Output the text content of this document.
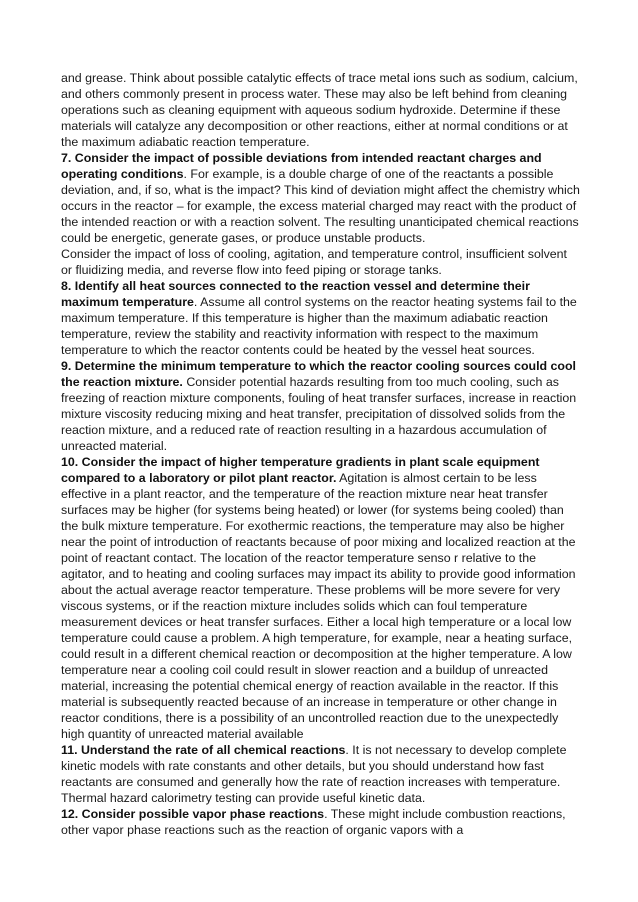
and grease. Think about possible catalytic effects of trace metal ions such as sodium, calcium, and others commonly present in process water. These may also be left behind from cleaning operations such as cleaning equipment with aqueous sodium hydroxide. Determine if these materials will catalyze any decomposition or other reactions, either at normal conditions or at the maximum adiabatic reaction temperature.

7. Consider the impact of possible deviations from intended reactant charges and operating conditions. For example, is a double charge of one of the reactants a possible deviation, and, if so, what is the impact? This kind of deviation might affect the chemistry which occurs in the reactor – for example, the excess material charged may react with the product of the intended reaction or with a reaction solvent. The resulting unanticipated chemical reactions could be energetic, generate gases, or produce unstable products.

Consider the impact of loss of cooling, agitation, and temperature control, insufficient solvent or fluidizing media, and reverse flow into feed piping or storage tanks.

8. Identify all heat sources connected to the reaction vessel and determine their maximum temperature. Assume all control systems on the reactor heating systems fail to the maximum temperature. If this temperature is higher than the maximum adiabatic reaction temperature, review the stability and reactivity information with respect to the maximum temperature to which the reactor contents could be heated by the vessel heat sources.

9. Determine the minimum temperature to which the reactor cooling sources could cool the reaction mixture. Consider potential hazards resulting from too much cooling, such as freezing of reaction mixture components, fouling of heat transfer surfaces, increase in reaction mixture viscosity reducing mixing and heat transfer, precipitation of dissolved solids from the reaction mixture, and a reduced rate of reaction resulting in a hazardous accumulation of unreacted material.

10. Consider the impact of higher temperature gradients in plant scale equipment compared to a laboratory or pilot plant reactor. Agitation is almost certain to be less effective in a plant reactor, and the temperature of the reaction mixture near heat transfer surfaces may be higher (for systems being heated) or lower (for systems being cooled) than the bulk mixture temperature. For exothermic reactions, the temperature may also be higher near the point of introduction of reactants because of poor mixing and localized reaction at the point of reactant contact. The location of the reactor temperature senso r relative to the agitator, and to heating and cooling surfaces may impact its ability to provide good information about the actual average reactor temperature. These problems will be more severe for very viscous systems, or if the reaction mixture includes solids which can foul temperature measurement devices or heat transfer surfaces. Either a local high temperature or a local low temperature could cause a problem. A high temperature, for example, near a heating surface, could result in a different chemical reaction or decomposition at the higher temperature. A low temperature near a cooling coil could result in slower reaction and a buildup of unreacted material, increasing the potential chemical energy of reaction available in the reactor. If this material is subsequently reacted because of an increase in temperature or other change in reactor conditions, there is a possibility of an uncontrolled reaction due to the unexpectedly high quantity of unreacted material available

11. Understand the rate of all chemical reactions. It is not necessary to develop complete kinetic models with rate constants and other details, but you should understand how fast reactants are consumed and generally how the rate of reaction increases with temperature. Thermal hazard calorimetry testing can provide useful kinetic data.

12. Consider possible vapor phase reactions. These might include combustion reactions, other vapor phase reactions such as the reaction of organic vapors with a
